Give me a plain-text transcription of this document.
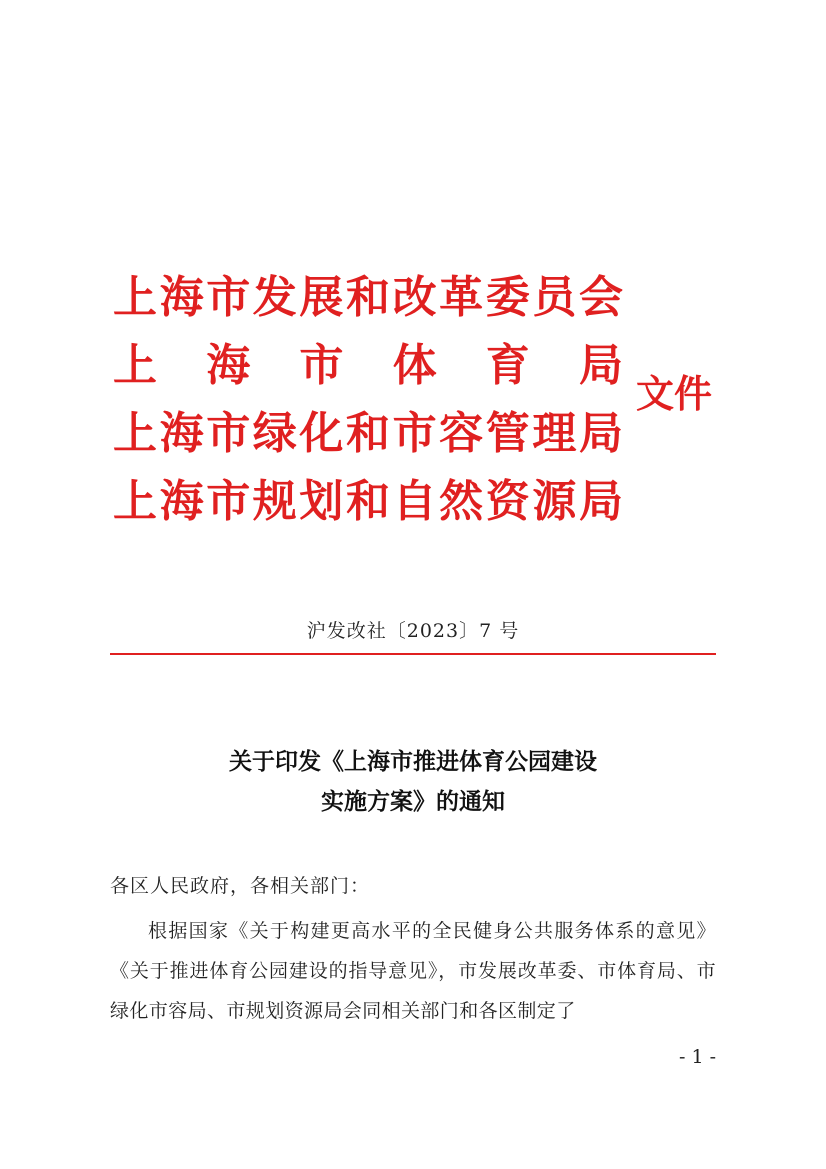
上 海 市 发 展 和 改 革 委 员 会
上 海 市 体 育 局
上 海 市 绿 化 和 市 容 管 理 局
上 海 市 规 划 和 自 然 资 源 局
文件
沪发改社〔2023〕7 号
关于印发《上海市推进体育公园建设
实施方案》的通知
各区人民政府，各相关部门：
根据国家《关于构建更高水平的全民健身公共服务体系的意见》《关于推进体育公园建设的指导意见》，市发展改革委、市体育局、市绿化市容局、市规划资源局会同相关部门和各区制定了
- 1 -
